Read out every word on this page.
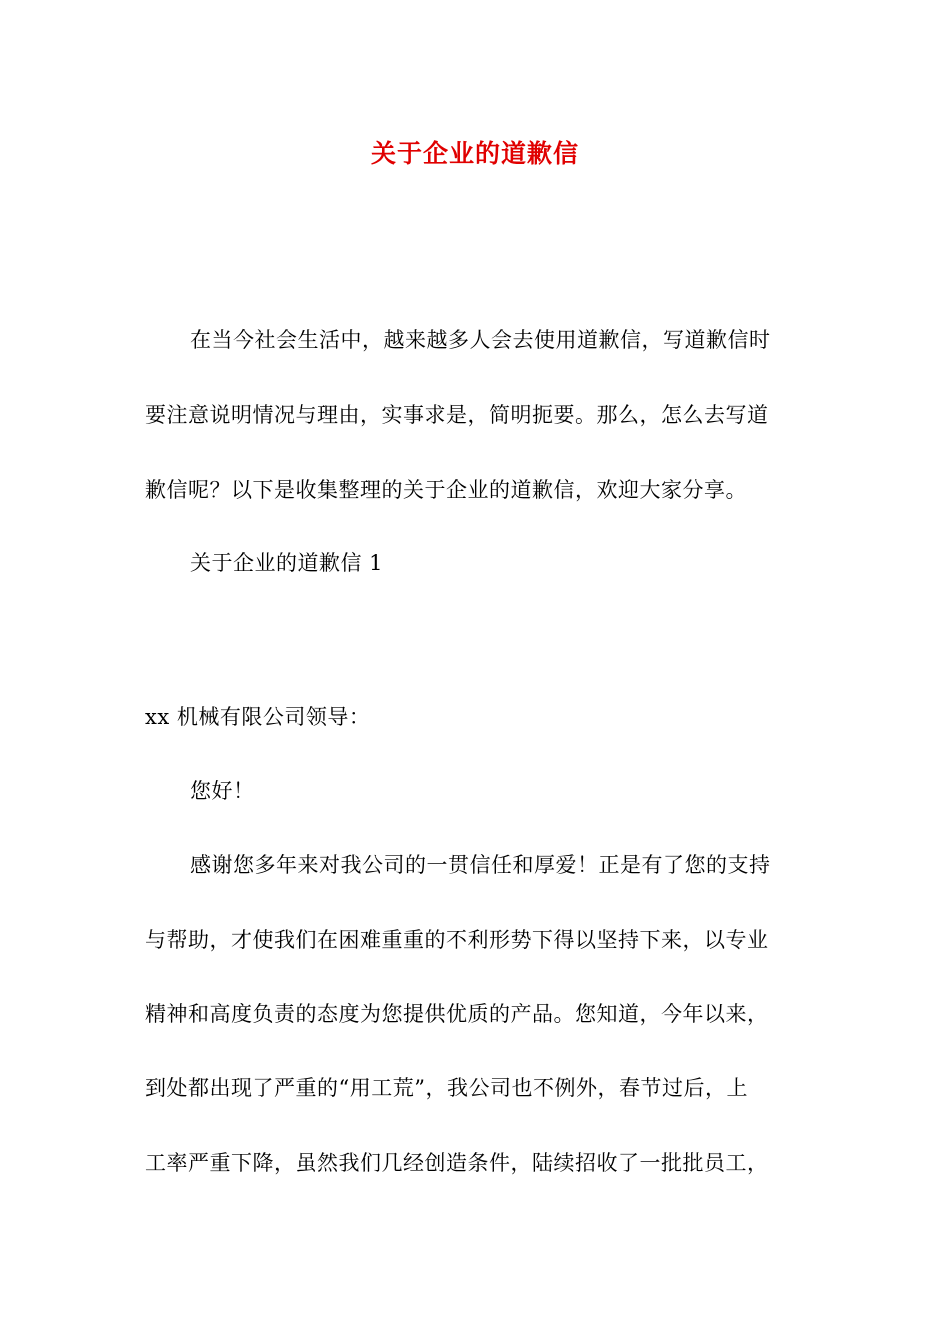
关于企业的道歉信
在当今社会生活中，越来越多人会去使用道歉信，写道歉信时
要注意说明情况与理由，实事求是，简明扼要。那么，怎么去写道
歉信呢？以下是收集整理的关于企业的道歉信，欢迎大家分享。
关于企业的道歉信 1
xx 机械有限公司领导：
您好！
感谢您多年来对我公司的一贯信任和厚爱！正是有了您的支持
与帮助，才使我们在困难重重的不利形势下得以坚持下来，以专业
精神和高度负责的态度为您提供优质的产品。您知道，今年以来，
到处都出现了严重的“用工荒”，我公司也不例外，春节过后，上
工率严重下降，虽然我们几经创造条件，陆续招收了一批批员工，
